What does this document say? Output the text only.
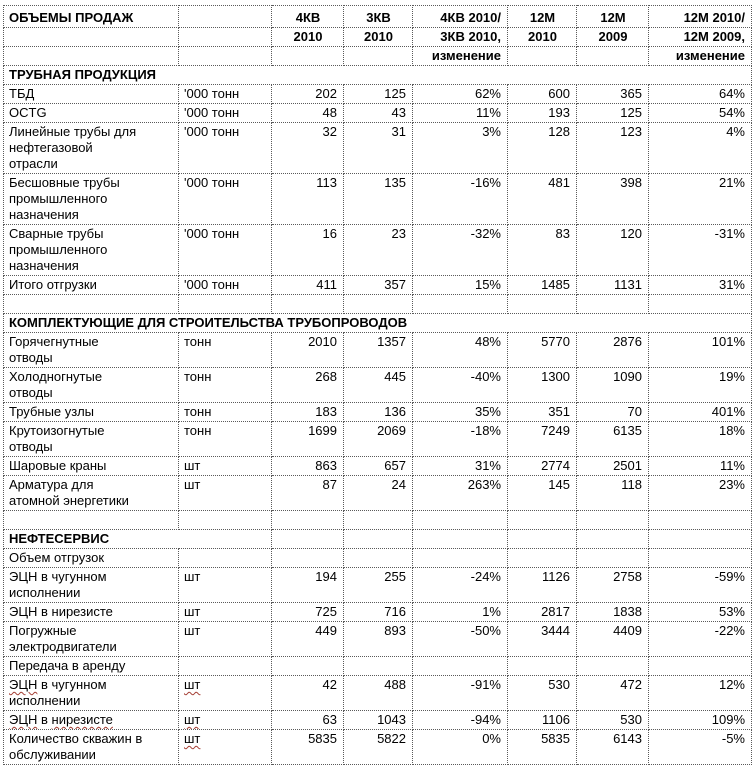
ОБЪЕМЫ ПРОДАЖ		4КВ	3КВ	4КВ 2010/	12М	12М	12М 2010/
		2010	2010	3КВ 2010,	2010	2009	12М 2009,
				изменение			изменение
ТРУБНАЯ ПРОДУКЦИЯ							
ТБД	'000 тонн	202	125	62%	600	365	64%
OCTG	'000 тонн	48	43	11%	193	125	54%
Линейные трубы для
нефтегазовой
отрасли	'000 тонн	32	31	3%	128	123	4%
Бесшовные трубы
промышленного
назначения	'000 тонн	113	135	-16%	481	398	21%
Сварные трубы
промышленного
назначения	'000 тонн	16	23	-32%	83	120	-31%
Итого отгрузки	'000 тонн	411	357	15%	1485	1131	31%

КОМПЛЕКТУЮЩИЕ ДЛЯ СТРОИТЕЛЬСТВА ТРУБОПРОВОДОВ							
Горячегнутные
отводы	тонн	2010	1357	48%	5770	2876	101%
Холодногнутые
отводы	тонн	268	445	-40%	1300	1090	19%
Трубные узлы	тонн	183	136	35%	351	70	401%
Крутоизогнутые
отводы	тонн	1699	2069	-18%	7249	6135	18%
Шаровые краны	шт	863	657	31%	2774	2501	11%
Арматура для
атомной энергетики	шт	87	24	263%	145	118	23%

НЕФТЕСЕРВИС							
Объем отгрузок							
ЭЦН в чугунном
исполнении	шт	194	255	-24%	1126	2758	-59%
ЭЦН в нирезисте	шт	725	716	1%	2817	1838	53%
Погружные
электродвигатели	шт	449	893	-50%	3444	4409	-22%
Передача в аренду							
ЭЦН в чугунном
исполнении	шт	42	488	-91%	530	472	12%
ЭЦН в нирезисте	шт	63	1043	-94%	1106	530	109%
Количество скважин в
обслуживании	шт	5835	5822	0%	5835	6143	-5%
